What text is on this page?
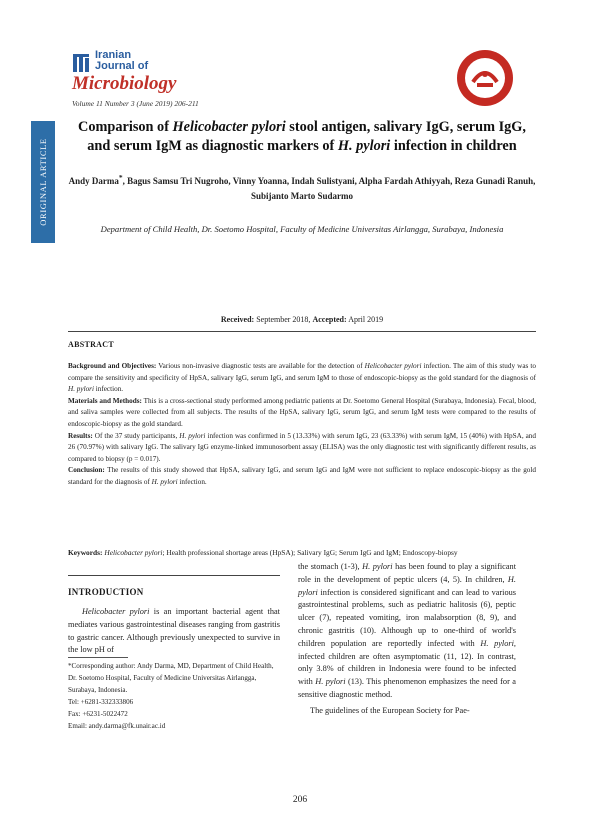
Iranian
Journal of
Microbiology
Volume 11 Number 3 (June 2019) 206-211
ORIGINAL ARTICLE
Comparison of Helicobacter pylori stool antigen, salivary IgG, serum IgG, and serum IgM as diagnostic markers of H. pylori infection in children
Andy Darma*, Bagus Samsu Tri Nugroho, Vinny Yoanna, Indah Sulistyani, Alpha Fardah Athiyyah, Reza Gunadi Ranuh, Subijanto Marto Sudarmo
Department of Child Health, Dr. Soetomo Hospital, Faculty of Medicine Universitas Airlangga, Surabaya, Indonesia
Received: September 2018, Accepted: April 2019
ABSTRACT

Background and Objectives: Various non-invasive diagnostic tests are available for the detection of Helicobacter pylori infection. The aim of this study was to compare the sensitivity and specificity of HpSA, salivary IgG, serum IgG, and serum IgM to those of endoscopic-biopsy as the gold standard for the diagnosis of H. pylori infection.

Materials and Methods: This is a cross-sectional study performed among pediatric patients at Dr. Soetomo General Hospital (Surabaya, Indonesia). Fecal, blood, and saliva samples were collected from all subjects. The results of the HpSA, salivary IgG, serum IgG, and serum IgM tests were compared to the results of endoscopic-biopsy as the gold standard.

Results: Of the 37 study participants, H. pylori infection was confirmed in 5 (13.33%) with serum IgG, 23 (63.33%) with serum IgM, 15 (40%) with HpSA, and 26 (70.97%) with salivary IgG. The salivary IgG enzyme-linked immunosorbent assay (ELISA) was the only diagnostic test with significantly different results, as compared to biopsy (p = 0.017).

Conclusion: The results of this study showed that HpSA, salivary IgG, and serum IgG and IgM were not sufficient to replace endoscopic-biopsy as the gold standard for the diagnosis of H. pylori infection.

Keywords: Helicobacter pylori; Health professional shortage areas (HpSA); Salivary IgG; Serum IgG and IgM; Endoscopy-biopsy
INTRODUCTION

Helicobacter pylori is an important bacterial agent that mediates various gastrointestinal diseases ranging from gastritis to gastric cancer. Although previously unexpected to survive in the low pH of

*Corresponding author: Andy Darma, MD, Department of Child Health, Dr. Soetomo Hospital, Faculty of Medicine Universitas Airlangga, Surabaya, Indonesia.
Tel: +6281-332333806
Fax: +6231-5022472
Email: andy.darma@fk.unair.ac.id

the stomach (1-3), H. pylori has been found to play a significant role in the development of peptic ulcers (4, 5). In children, H. pylori infection is considered significant and can lead to various gastrointestinal problems, such as pediatric halitosis (6), peptic ulcer (7), repeated vomiting, iron malabsorption (8, 9), and chronic gastritis (10). Although up to one-third of world's children population are reportedly infected with H. pylori, infected children are often asymptomatic (11, 12). In contrast, only 3.8% of children in Indonesia were found to be infected with H. pylori (13). This phenomenon emphasizes the need for a sensitive diagnostic method.

The guidelines of the European Society for Pae-

206
